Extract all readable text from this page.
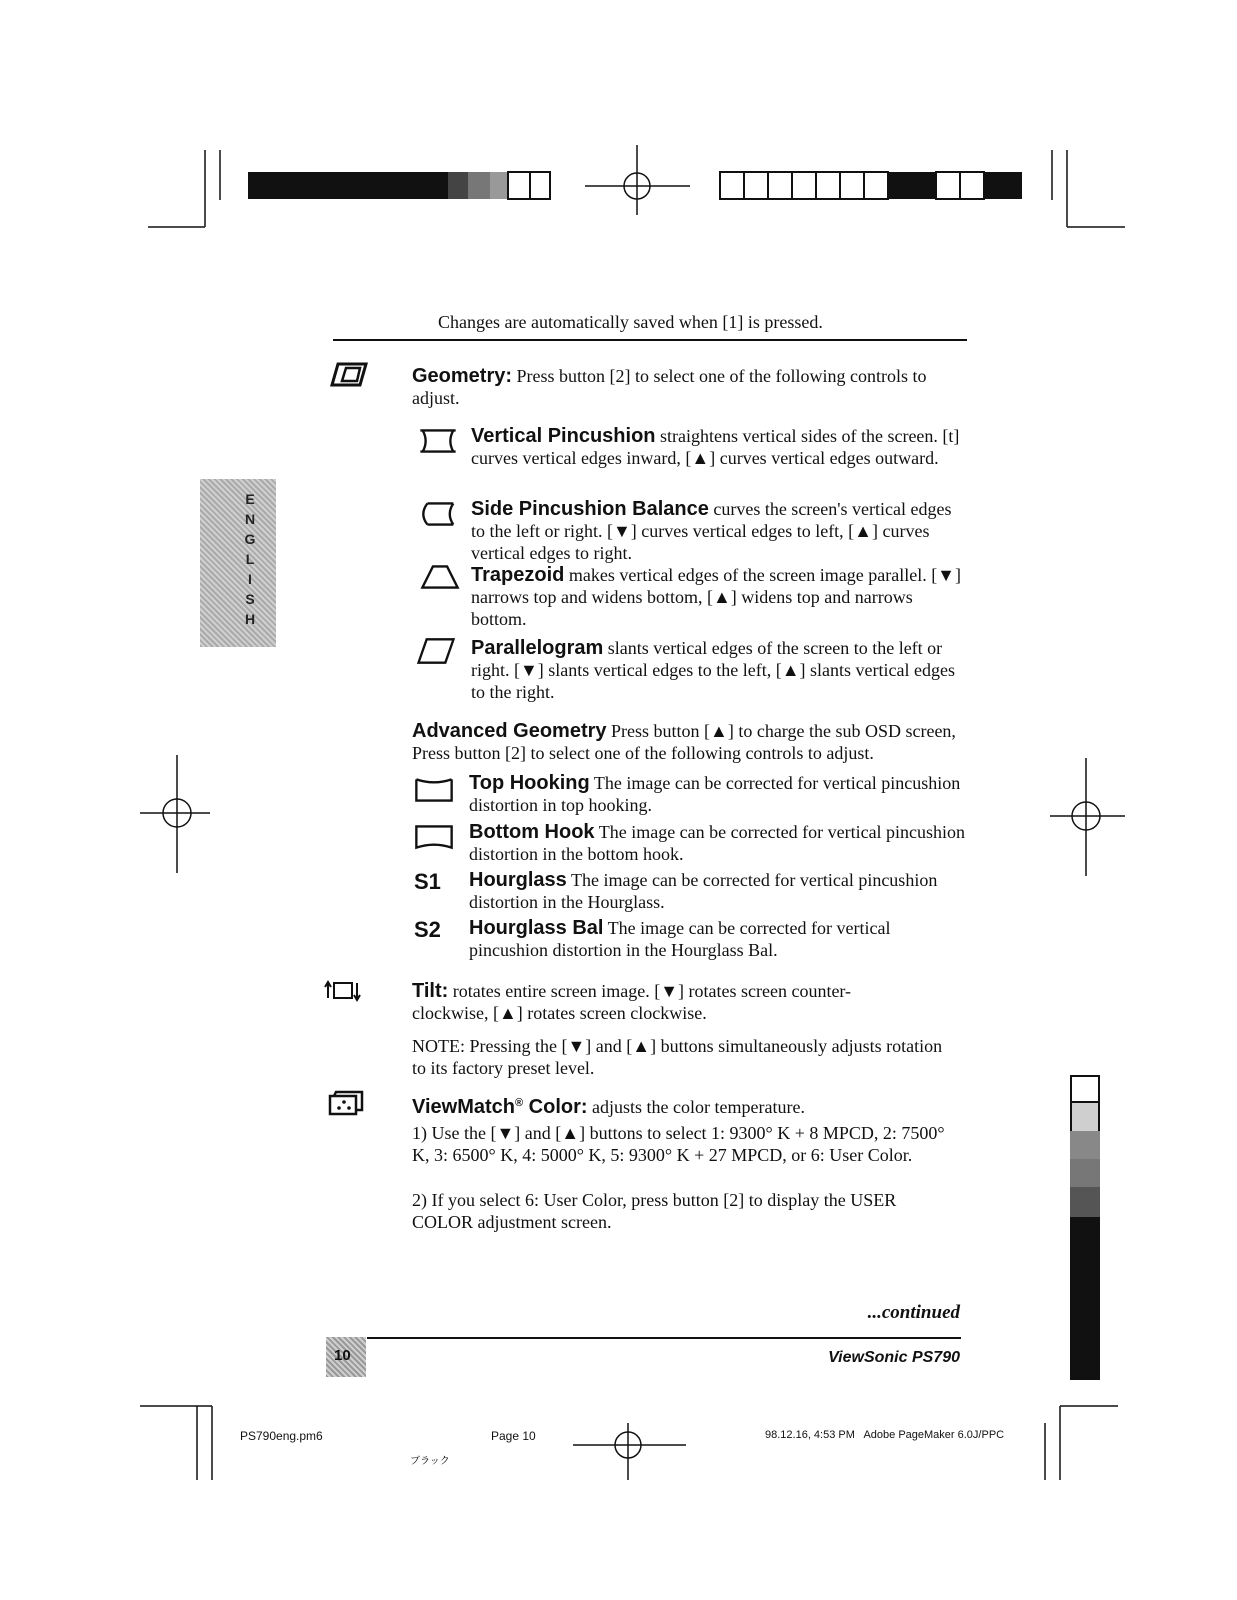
E
N
G
L
I
S
H
Changes are automatically saved when [1] is pressed.
Geometry: Press button [2] to select one of the following controls to adjust.
Vertical Pincushion straightens vertical sides of the screen. [t] curves vertical edges inward, [▲] curves vertical edges outward.
Side Pincushion Balance curves the screen's vertical edges to the left or right. [▼] curves vertical edges to left, [▲] curves vertical edges to right.
Trapezoid makes vertical edges of the screen image parallel. [▼] narrows top and widens bottom, [▲] widens top and narrows bottom.
Parallelogram slants vertical edges of the screen to the left or right. [▼] slants vertical edges to the left, [▲] slants vertical edges to the right.
Advanced Geometry Press button [▲] to charge the sub OSD screen, Press button [2] to select one of the following controls to adjust.
Top Hooking The image can be corrected for vertical pincushion distortion in top hooking.
Bottom Hook The image can be corrected for vertical pincushion distortion in the bottom hook.
S1 Hourglass The image can be corrected for vertical pincushion distortion in the Hourglass.
S2 Hourglass Bal The image can be corrected for vertical pincushion distortion in the Hourglass Bal.
Tilt: rotates entire screen image. [▼] rotates screen counter-clockwise, [▲] rotates screen clockwise.
NOTE: Pressing the [▼] and [▲] buttons simultaneously adjusts rotation to its factory preset level.
ViewMatch® Color: adjusts the color temperature.
1) Use the [▼] and [▲] buttons to select 1: 9300° K + 8 MPCD, 2: 7500° K, 3: 6500° K, 4: 5000° K, 5: 9300° K + 27 MPCD, or 6: User Color.
2) If you select 6: User Color, press button [2] to display the USER COLOR adjustment screen.
...continued
10	ViewSonic PS790
PS790eng.pm6	Page 10
ブラック
98.12.16, 4:53 PM   Adobe PageMaker 6.0J/PPC
